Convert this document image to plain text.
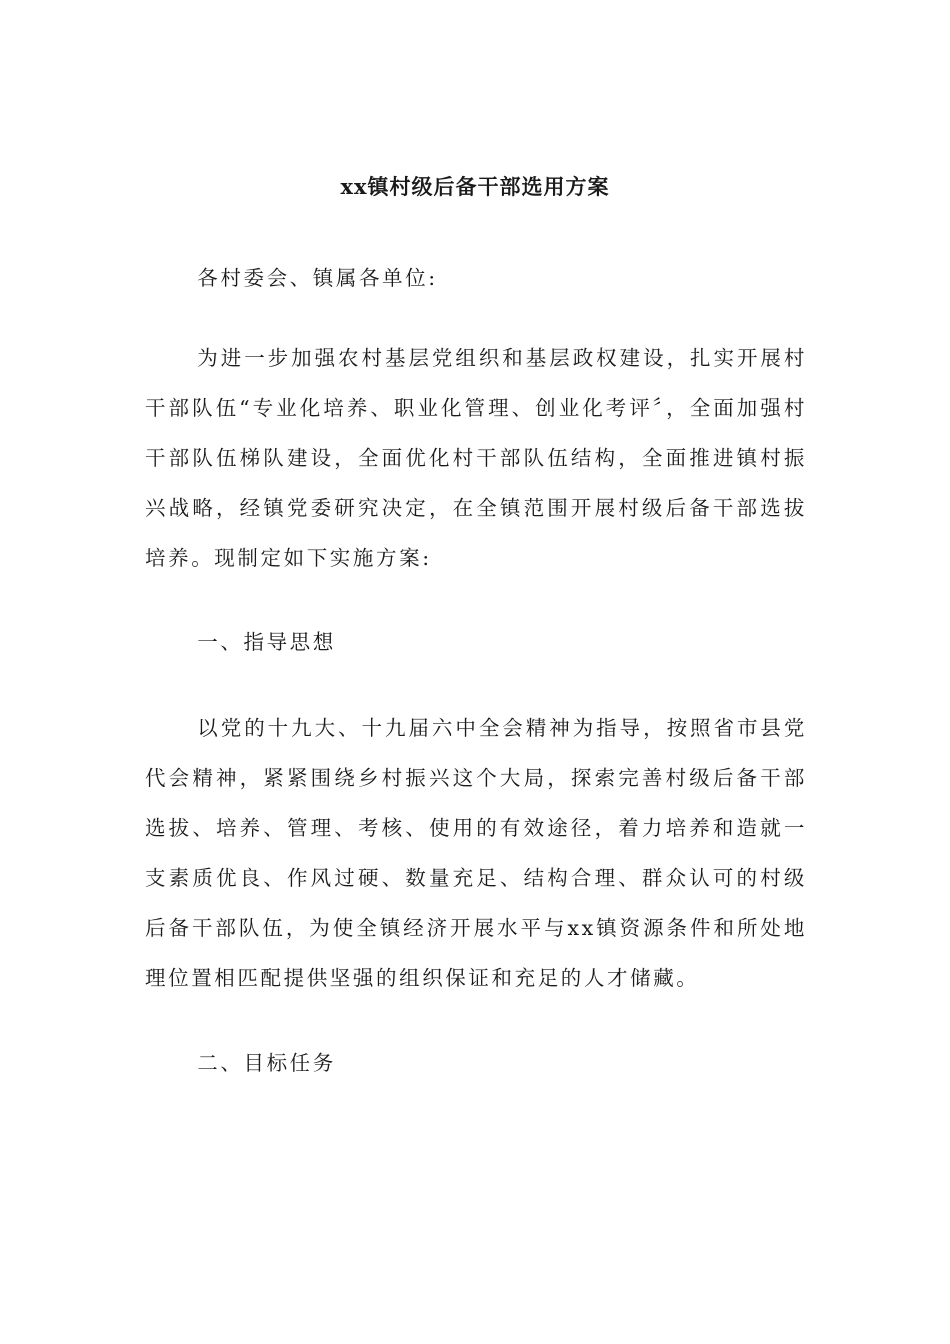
xx镇村级后备干部选用方案

各村委会、镇属各单位:

为进一步加强农村基层党组织和基层政权建设，扎实开展村干部队伍“专业化培养、职业化管理、创业化考评〞，全面加强村干部队伍梯队建设，全面优化村干部队伍结构，全面推进镇村振兴战略，经镇党委研究决定，在全镇范围开展村级后备干部选拔培养。现制定如下实施方案:

一、指导思想

以党的十九大、十九届六中全会精神为指导，按照省市县党代会精神，紧紧围绕乡村振兴这个大局，探索完善村级后备干部选拔、培养、管理、考核、使用的有效途径，着力培养和造就一支素质优良、作风过硬、数量充足、结构合理、群众认可的村级后备干部队伍，为使全镇经济开展水平与xx镇资源条件和所处地理位置相匹配提供坚强的组织保证和充足的人才储藏。

二、目标任务
